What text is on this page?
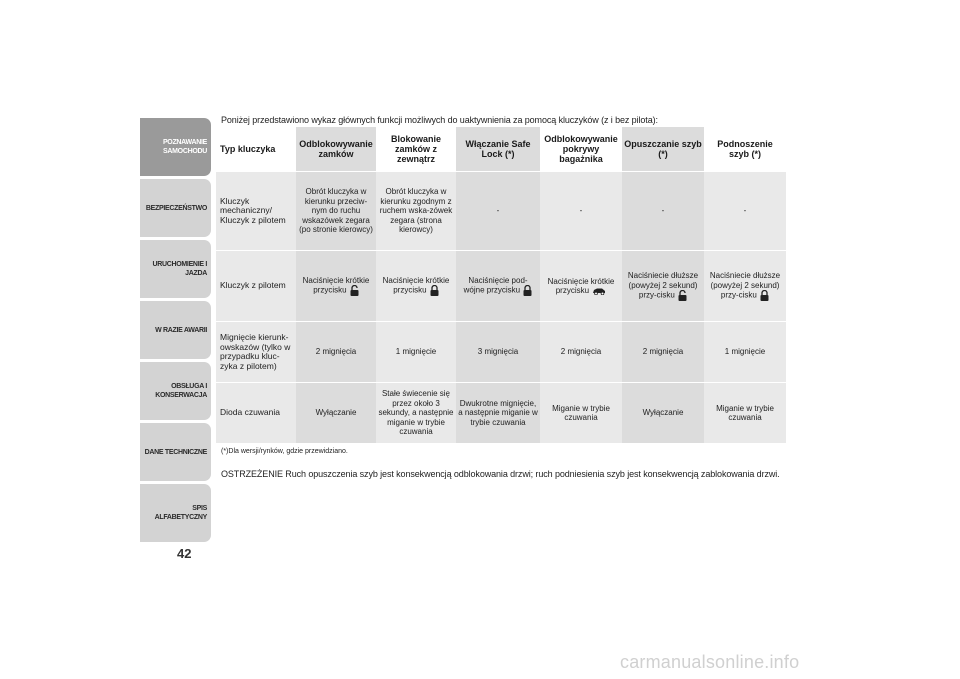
POZNAWANIE SAMOCHODU
BEZPIECZEŃSTWO
URUCHOMIENIE I JAZDA
W RAZIE AWARII
OBSŁUGA I KONSERWACJA
DANE TECHNICZNE
SPIS ALFABETYCZNY
42
Poniżej przedstawiono wykaz głównych funkcji możliwych do uaktywnienia za pomocą kluczyków (z i bez pilota):
Typ kluczyka	Odblokowywanie zamków	Blokowanie zamków z zewnątrz	Włączanie Safe Lock (*)	Odblokowywanie pokrywy bagażnika	Opuszczanie szyb (*)	Podnoszenie szyb (*)
Kluczyk mechaniczny/ Kluczyk z pilotem	Obrót kluczyka w kierunku przeciw-nym do ruchu wskazówek zegara (po stronie kierowcy)	Obrót kluczyka w kierunku zgodnym z ruchem wska-zówek zegara (strona kierowcy)	-	-	-	-
Kluczyk z pilotem	Naciśnięcie krótkie przycisku	Naciśnięcie krótkie przycisku	Naciśnięcie pod-wójne przycisku	Naciśnięcie krótkie przycisku	Naciśniecie dłuższe (powyżej 2 sekund) przy-cisku	Naciśniecie dłuższe (powyżej 2 sekund) przy-cisku
Mignięcie kierunk-owskazów (tylko w przypadku kluc-zyka z pilotem)	2 mignięcia	1 mignięcie	3 mignięcia	2 mignięcia	2 mignięcia	1 mignięcie
Dioda czuwania	Wyłączanie	Stałe świecenie się przez około 3 sekundy, a następnie miganie w trybie czuwania	Dwukrotne mignięcie, a następnie miganie w trybie czuwania	Miganie w trybie czuwania	Wyłączanie	Miganie w trybie czuwania
(*)Dla wersji/rynków, gdzie przewidziano.
OSTRZEŻENIE Ruch opuszczenia szyb jest konsekwencją odblokowania drzwi; ruch podniesienia szyb jest konsekwencją zablokowania drzwi.
carmanualsonline.info
